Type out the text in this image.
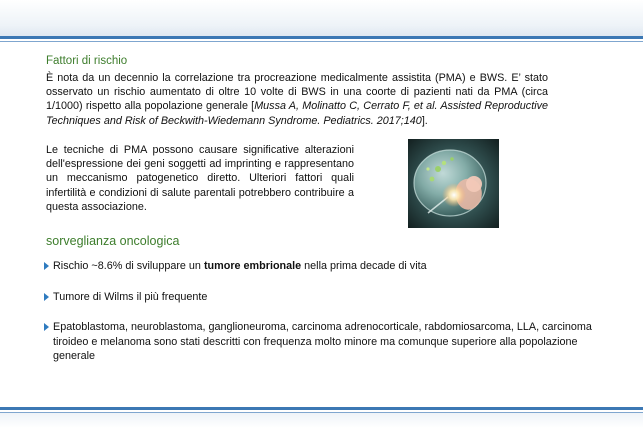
Fattori di rischio

È nota da un decennio la correlazione tra procreazione medicalmente assistita (PMA) e BWS. E’ stato osservato un rischio aumentato di oltre 10 volte di BWS in una coorte di pazienti nati da PMA (circa 1/1000) rispetto alla popolazione generale [Mussa A, Molinatto C, Cerrato F, et al. Assisted Reproductive Techniques and Risk of Beckwith-Wiedemann Syndrome. Pediatrics. 2017;140].

Le tecniche di PMA possono causare significative alterazioni dell'espressione dei geni soggetti ad imprinting e rappresentano un meccanismo patogenetico diretto. Ulteriori fattori quali infertilità e condizioni di salute parentali potrebbero contribuire a questa associazione.

sorveglianza oncologica
Rischio ~8.6% di sviluppare un tumore embrionale nella prima decade di vita
Tumore di Wilms il più frequente
Epatoblastoma, neuroblastoma, ganglioneuroma, carcinoma adrenocorticale, rabdomiosarcoma, LLA, carcinoma tiroideo e melanoma sono stati descritti con frequenza molto minore ma comunque superiore alla popolazione generale
